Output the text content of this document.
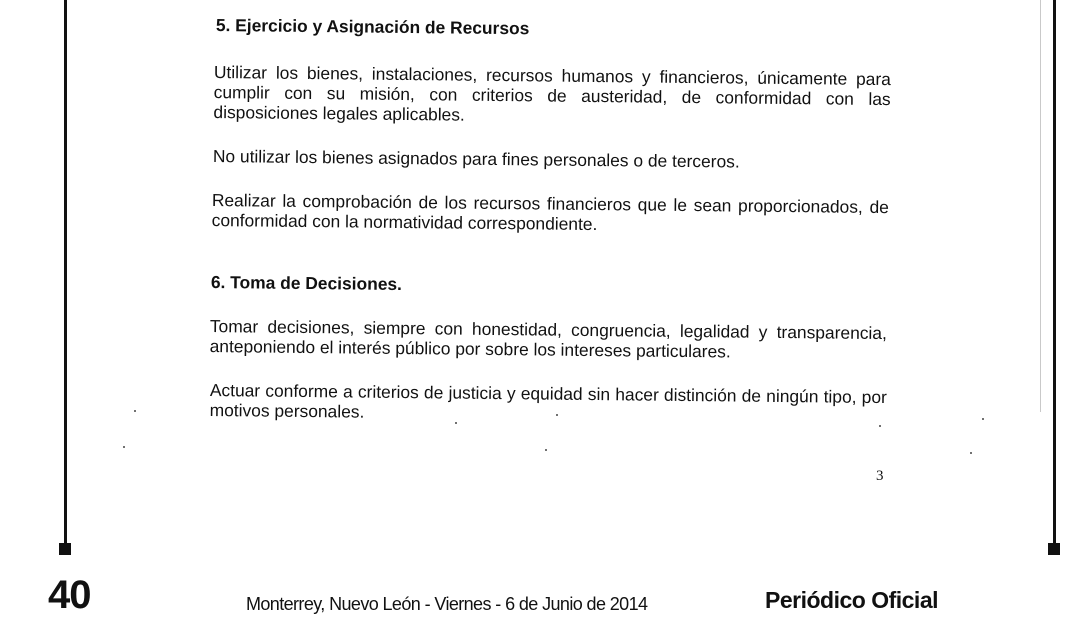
5. Ejercicio y Asignación de Recursos

Utilizar los bienes, instalaciones, recursos humanos y financieros, únicamente para cumplir con su misión, con criterios de austeridad, de conformidad con las disposiciones legales aplicables.

No utilizar los bienes asignados para fines personales o de terceros.

Realizar la comprobación de los recursos financieros que le sean proporcionados, de conformidad con la normatividad correspondiente.

6. Toma de Decisiones.

Tomar decisiones, siempre con honestidad, congruencia, legalidad y transparencia, anteponiendo el interés público por sobre los intereses particulares.

Actuar conforme a criterios de justicia y equidad sin hacer distinción de ningún tipo, por motivos personales.

3
40	Monterrey, Nuevo León - Viernes - 6 de Junio de 2014	Periódico Oficial
